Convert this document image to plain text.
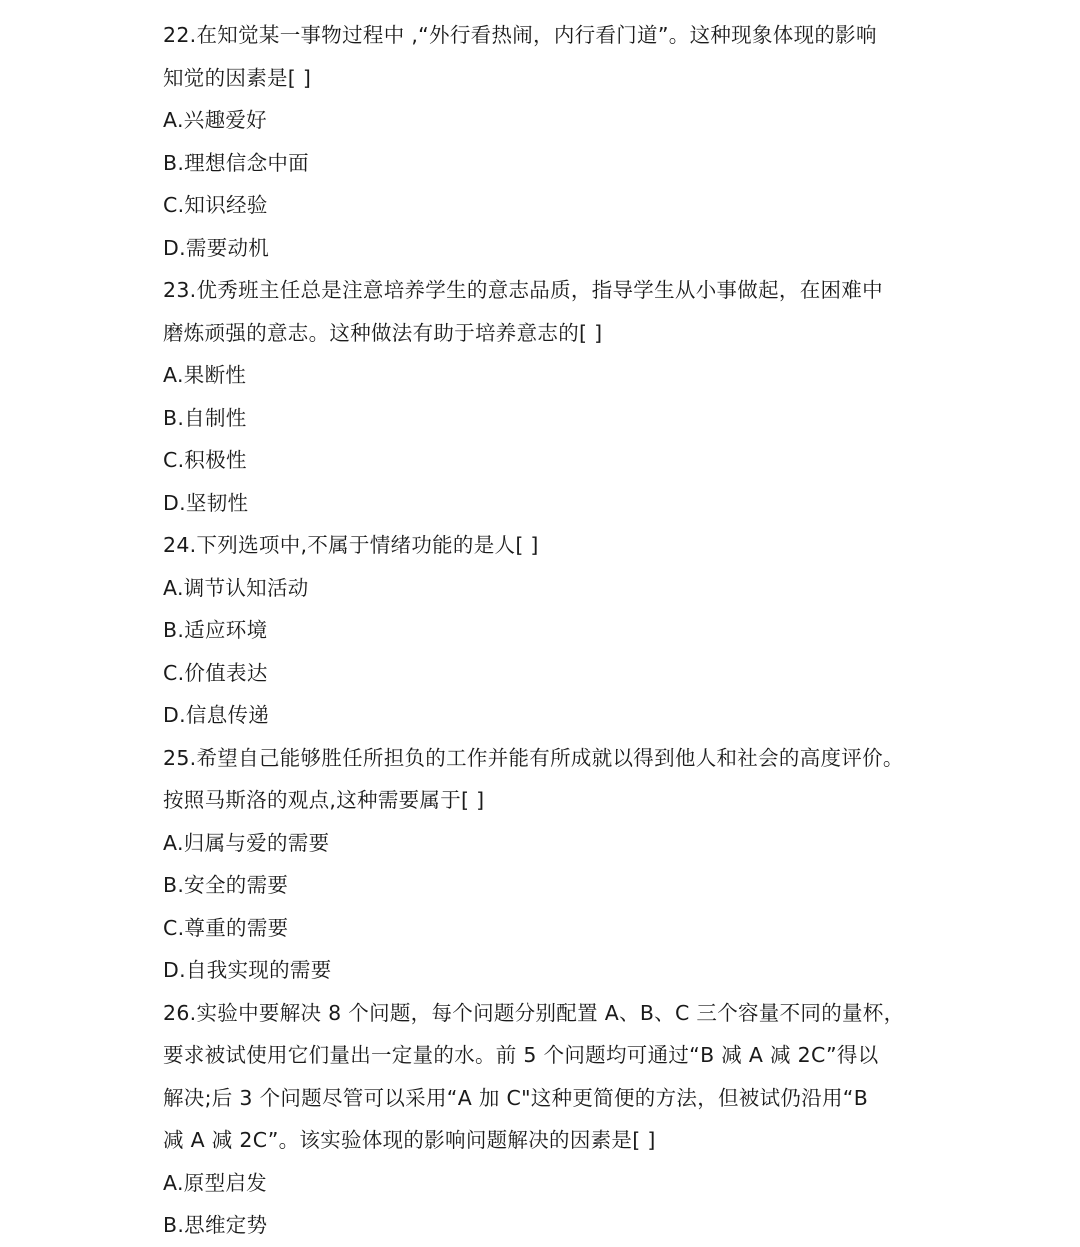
22.在知觉某一事物过程中 ,“外行看热闹，内行看门道”。这种现象体现的影响
知觉的因素是[ ]
A.兴趣爱好
B.理想信念中面
C.知识经验
D.需要动机
23.优秀班主任总是注意培养学生的意志品质，指导学生从小事做起，在困难中
磨炼顽强的意志。这种做法有助于培养意志的[ ]
A.果断性
B.自制性
C.积极性
D.坚韧性
24.下列选项中,不属于情绪功能的是人[ ]
A.调节认知活动
B.适应环境
C.价值表达
D.信息传递
25.希望自己能够胜任所担负的工作并能有所成就以得到他人和社会的高度评价。
按照马斯洛的观点,这种需要属于[ ]
A.归属与爱的需要
B.安全的需要
C.尊重的需要
D.自我实现的需要
26.实验中要解决 8 个问题，每个问题分别配置 A、B、C 三个容量不同的量杯，
要求被试使用它们量出一定量的水。前 5 个问题均可通过“B 减 A 减 2C”得以
解决;后 3 个问题尽管可以采用“A 加 C"这种更简便的方法，但被试仍沿用“B
减 A 减 2C”。该实验体现的影响问题解决的因素是[ ]
A.原型启发
B.思维定势
